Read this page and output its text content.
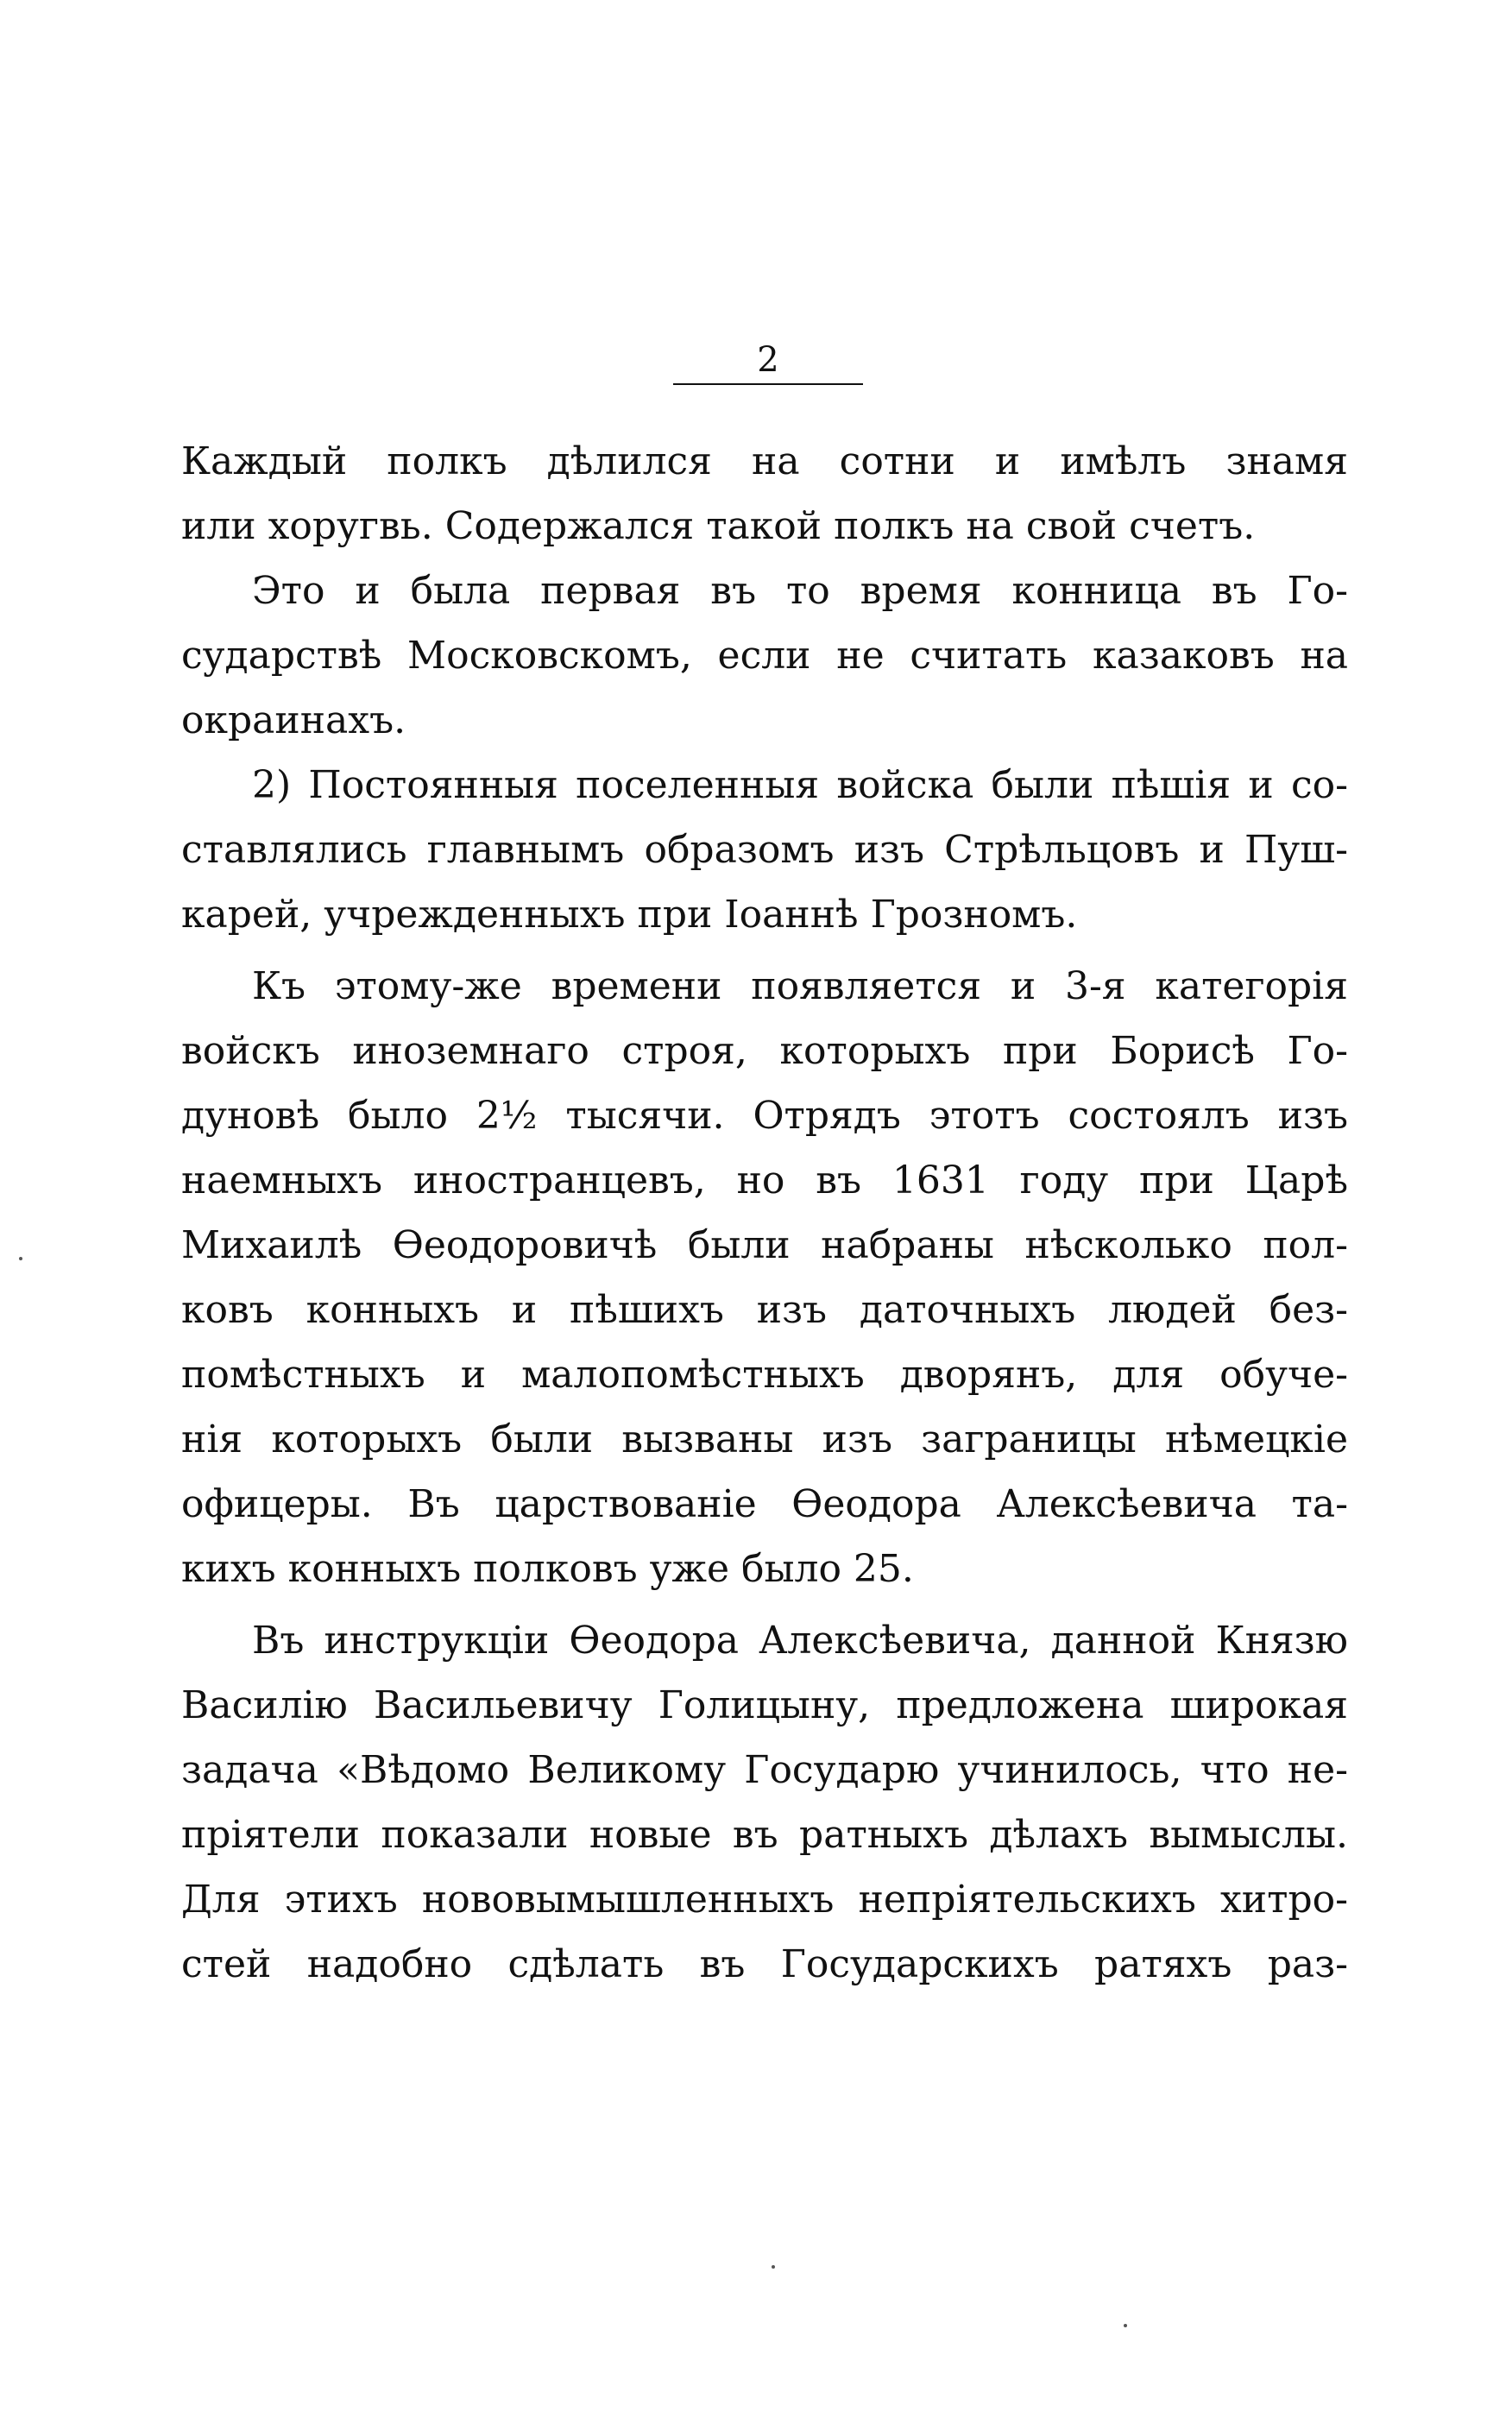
2
Каждый полкъ дѣлился на сотни и имѣлъ знамя
или хоругвь. Содержался такой полкъ на свой счетъ.
Это и была первая въ то время конница въ Го-
сударствѣ Московскомъ, если не считать казаковъ на
окраинахъ.
2) Постоянныя поселенныя войска были пѣшія и со-
ставлялись главнымъ образомъ изъ Стрѣльцовъ и Пуш-
карей, учрежденныхъ при Іоаннѣ Грозномъ.
Къ этому-же времени появляется и 3-я категорія
войскъ иноземнаго строя, которыхъ при Борисѣ Го-
дуновѣ было 2½ тысячи. Отрядъ этотъ состоялъ изъ
наемныхъ иностранцевъ, но въ 1631 году при Царѣ
Михаилѣ Ѳеодоровичѣ были набраны нѣсколько пол-
ковъ конныхъ и пѣшихъ изъ даточныхъ людей без-
помѣстныхъ и малопомѣстныхъ дворянъ, для обуче-
нія которыхъ были вызваны изъ заграницы нѣмецкіе
офицеры. Въ царствованіе Ѳеодора Алексѣевича та-
кихъ конныхъ полковъ уже было 25.
Въ инструкціи Ѳеодора Алексѣевича, данной Князю
Василію Васильевичу Голицыну, предложена широкая
задача «Вѣдомо Великому Государю учинилось, что не-
пріятели показали новые въ ратныхъ дѣлахъ вымыслы.
Для этихъ нововымышленныхъ непріятельскихъ хитро-
стей надобно сдѣлать въ Государскихъ ратяхъ раз-
